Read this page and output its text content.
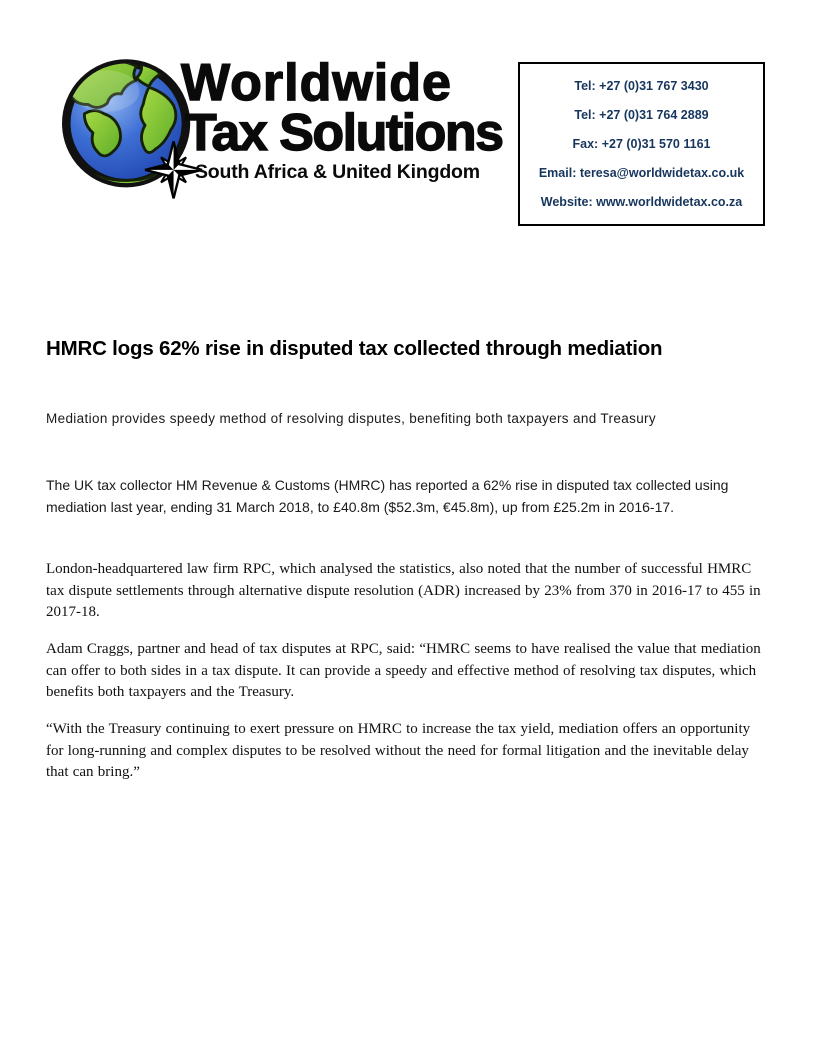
Worldwide
Tax Solutions
South Africa & United Kingdom
Tel: +27 (0)31 767 3430
Tel: +27 (0)31 764 2889
Fax: +27 (0)31 570 1161
Email: teresa@worldwidetax.co.uk
Website: www.worldwidetax.co.za
HMRC logs 62% rise in disputed tax collected through mediation
Mediation provides speedy method of resolving disputes, benefiting both taxpayers and Treasury

The UK tax collector HM Revenue & Customs (HMRC) has reported a 62% rise in disputed tax collected using mediation last year, ending 31 March 2018, to £40.8m ($52.3m, €45.8m), up from £25.2m in 2016-17.

London-headquartered law firm RPC, which analysed the statistics, also noted that the number of successful HMRC tax dispute settlements through alternative dispute resolution (ADR) increased by 23% from 370 in 2016-17 to 455 in 2017-18.

Adam Craggs, partner and head of tax disputes at RPC, said: “HMRC seems to have realised the value that mediation can offer to both sides in a tax dispute. It can provide a speedy and effective method of resolving tax disputes, which benefits both taxpayers and the Treasury.

“With the Treasury continuing to exert pressure on HMRC to increase the tax yield, mediation offers an opportunity for long-running and complex disputes to be resolved without the need for formal litigation and the inevitable delay that can bring.”
